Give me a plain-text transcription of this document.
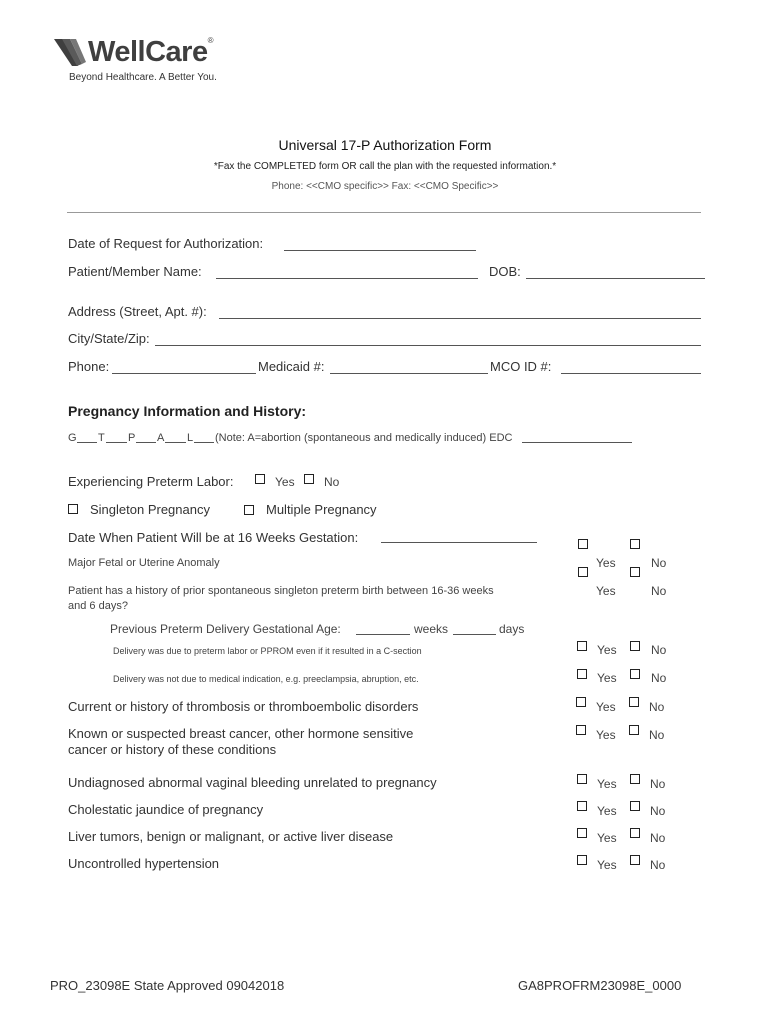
WellCare®
Beyond Healthcare. A Better You.
Universal 17-P Authorization Form
*Fax the COMPLETED form OR call the plan with the requested information.*
Phone: <<CMO specific>> Fax: <<CMO Specific>>
Date of Request for Authorization:
Patient/Member Name:	DOB:
Address (Street, Apt. #):
City/State/Zip:
Phone:	Medicaid #:	MCO ID #:
Pregnancy Information and History:
G T P A L (Note: A=abortion (spontaneous and medically induced) EDC
Experiencing Preterm Labor:	Yes No
Singleton Pregnancy	Multiple Pregnancy
Date When Patient Will be at 16 Weeks Gestation:
Major Fetal or Uterine Anomaly	Yes	No
Patient has a history of prior spontaneous singleton preterm birth between 16-36 weeks
and 6 days?
Yes	No
Previous Preterm Delivery Gestational Age:	weeks	days
Delivery was due to preterm labor or PPROM even if it resulted in a C-section	Yes	No
Delivery was not due to medical indication, e.g. preeclampsia, abruption, etc.	Yes	No
Current or history of thrombosis or thromboembolic disorders	Yes	No
Known or suspected breast cancer, other hormone sensitive
cancer or history of these conditions
Yes	No
Undiagnosed abnormal vaginal bleeding unrelated to pregnancy	Yes	No
Cholestatic jaundice of pregnancy	Yes	No
Liver tumors, benign or malignant, or active liver disease	Yes	No
Uncontrolled hypertension	Yes	No
PRO_23098E State Approved 09042018	GA8PROFRM23098E_0000
